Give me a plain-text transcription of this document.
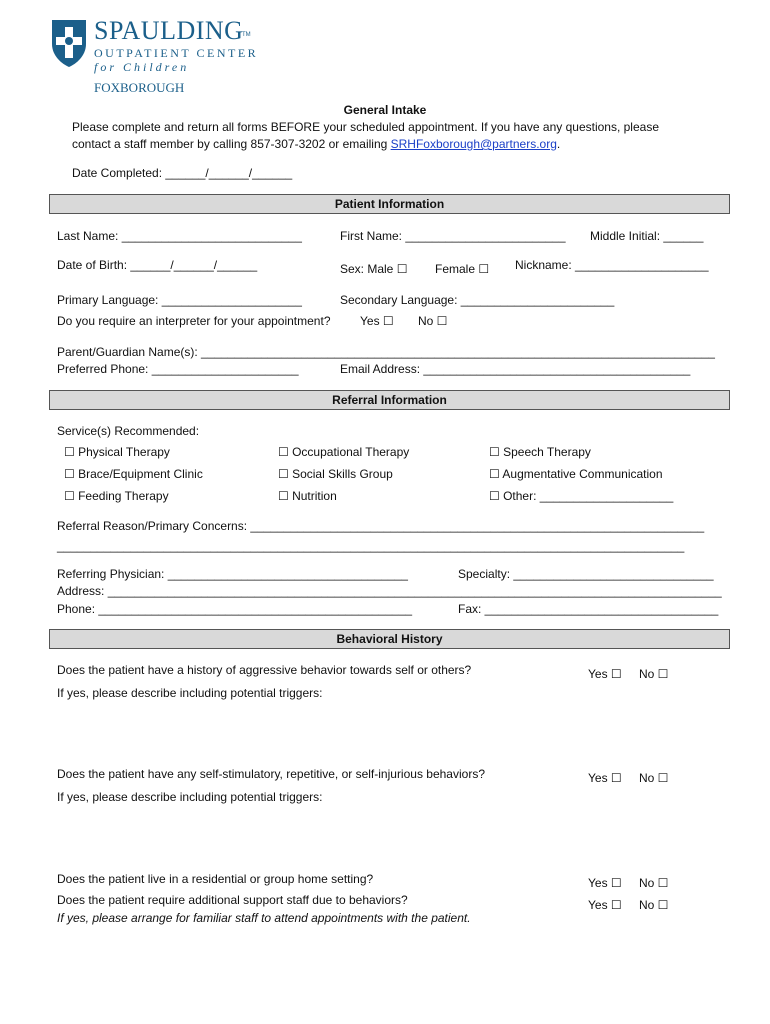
SPAULDING
TM
OUTPATIENT CENTER
for Children
FOXBOROUGH
General Intake
Please complete and return all forms BEFORE your scheduled appointment. If you have any questions, please
contact a staff member by calling 857-307-3202 or emailing SRHFoxborough@partners.org.
Date Completed: ______/______/______
Patient Information
Last Name: ___________________________	First Name: ________________________ Middle Initial: ______
Date of Birth: ______/______/______	Sex: Male ☐ Female ☐ Nickname: ____________________
Primary Language: _____________________	Secondary Language: _______________________
Do you require an interpreter for your appointment? Yes ☐ No ☐
Parent/Guardian Name(s): _____________________________________________________________________________
Preferred Phone: ______________________	Email Address: ________________________________________
Referral Information
Service(s) Recommended:
☐ Physical Therapy	☐ Occupational Therapy	☐ Speech Therapy
☐ Brace/Equipment Clinic	☐ Social Skills Group	☐ Augmentative Communication
☐ Feeding Therapy	☐ Nutrition	☐ Other: ____________________
Referral Reason/Primary Concerns: ____________________________________________________________________
______________________________________________________________________________________________
Referring Physician: ____________________________________	Specialty: ______________________________
Address: ____________________________________________________________________________________________
Phone: _______________________________________________	Fax: ___________________________________
Behavioral History
Does the patient have a history of aggressive behavior towards self or others?	Yes ☐ No ☐
If yes, please describe including potential triggers:
Does the patient have any self-stimulatory, repetitive, or self-injurious behaviors?	Yes ☐ No ☐
If yes, please describe including potential triggers:
Does the patient live in a residential or group home setting?	Yes ☐ No ☐
Does the patient require additional support staff due to behaviors?	Yes ☐ No ☐
If yes, please arrange for familiar staff to attend appointments with the patient.
